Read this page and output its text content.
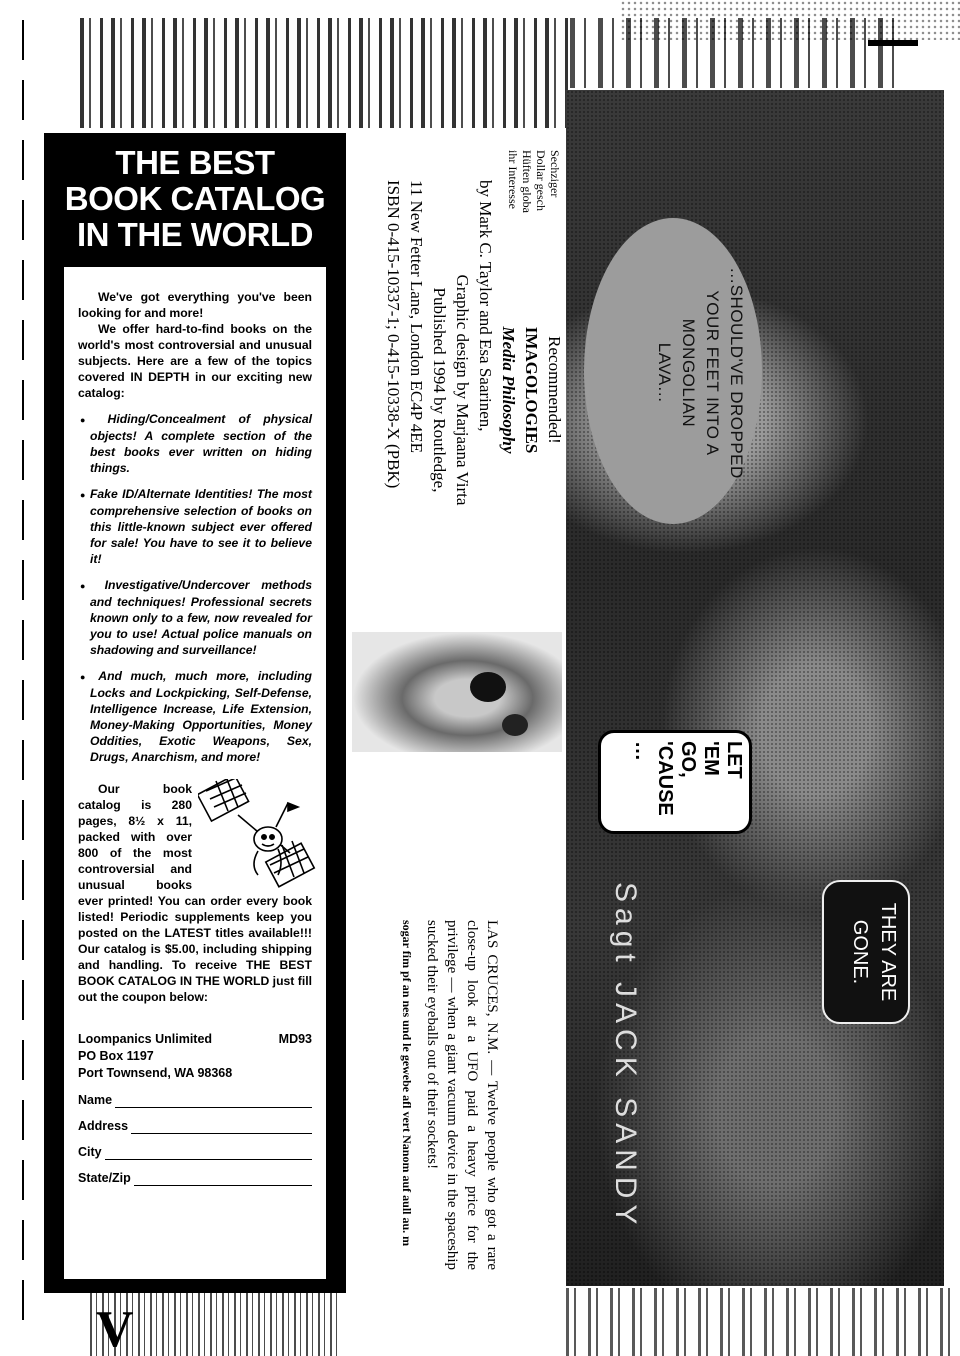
V
THE BEST
BOOK CATALOG
IN THE WORLD

We've got everything you've been looking for and more!

We offer hard-to-find books on the world's most controversial and unusual subjects. Here are a few of the topics covered IN DEPTH in our exciting new catalog:

● Hiding/Concealment of physical objects! A complete section of the best books ever written on hiding things.
● Fake ID/Alternate Identities! The most comprehensive selection of books on this little-known subject ever offered for sale! You have to see it to believe it!
● Investigative/Undercover methods and techniques! Professional secrets known only to a few, now revealed for you to use! Actual police manuals on shadowing and surveillance!
● And much, much more, including Locks and Lockpicking, Self-Defense, Intelligence Increase, Life Extension, Money-Making Opportunities, Money Oddities, Exotic Weapons, Sex, Drugs, Anarchism, and more!

Our book catalog is 280 pages, 8½ x 11, packed with over 800 of the most controversial and unusual books ever printed! You can order every book listed! Periodic supplements keep you posted on the LATEST titles available!!! Our catalog is $5.00, including shipping and handling. To receive THE BEST BOOK CATALOG IN THE WORLD just fill out the coupon below:

Loompanics Unlimited	MD93
PO Box 1197
Port Townsend, WA 98368
Name
Address
City
State/Zip
Recommended!
IMAGOLOGIES
Media Philosophy
by Mark C. Taylor and Esa Saarinen,
Graphic design by Marjaana Virta
Published 1994 by Routledge,
11 New Fetter Lane, London EC4P 4EE
ISBN 0-415-10337-1; 0-415-10338-X (PBK)
Sechziger
Dollar gesch
Hüften globa
ihr Interesse
LAS CRUCES, N.M. — Twelve people who got a rare close-up look at a UFO paid a heavy price for the privilege — when a giant vacuum device in the spaceship sucked their eyeballs out of their sockets!
sogar fim pf an nes und le gewebe afl vert Nanom auf aull au. m
…SHOULD'VE DROPPED
YOUR FEET INTO A
MONGOLIAN
LAVA…
LET
'EM
GO,
'CAUSE
…
THEY ARE
GONE.
Sagt JACK SANDY
